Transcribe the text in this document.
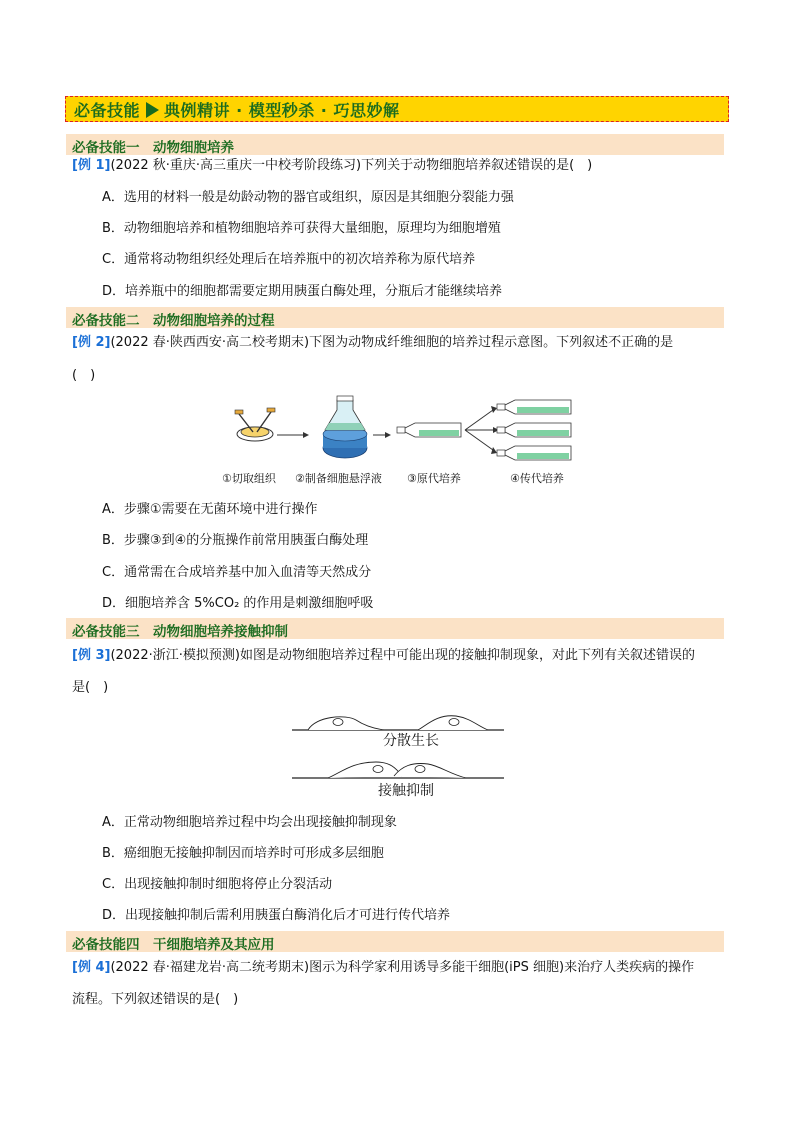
必备技能 典例精讲 · 模型秒杀 · 巧思妙解
必备技能一　动物细胞培养
[例 1](2022 秋·重庆·高三重庆一中校考阶段练习)下列关于动物细胞培养叙述错误的是(　)
A．选用的材料一般是幼龄动物的器官或组织，原因是其细胞分裂能力强
B．动物细胞培养和植物细胞培养可获得大量细胞，原理均为细胞增殖
C．通常将动物组织经处理后在培养瓶中的初次培养称为原代培养
D．培养瓶中的细胞都需要定期用胰蛋白酶处理，分瓶后才能继续培养
必备技能二　动物细胞培养的过程
[例 2](2022 春·陕西西安·高二校考期末)下图为动物成纤维细胞的培养过程示意图。下列叙述不正确的是
(　)
①切取组织 ②制备细胞悬浮液 ③原代培养	④传代培养
A．步骤①需要在无菌环境中进行操作
B．步骤③到④的分瓶操作前常用胰蛋白酶处理
C．通常需在合成培养基中加入血清等天然成分
D．细胞培养含 5%CO₂ 的作用是刺激细胞呼吸
必备技能三　动物细胞培养接触抑制
[例 3](2022·浙江·模拟预测)如图是动物细胞培养过程中可能出现的接触抑制现象，对此下列有关叙述错误的
是(　)
分散生长
接触抑制
A．正常动物细胞培养过程中均会出现接触抑制现象
B．癌细胞无接触抑制因而培养时可形成多层细胞
C．出现接触抑制时细胞将停止分裂活动
D．出现接触抑制后需利用胰蛋白酶消化后才可进行传代培养
必备技能四　干细胞培养及其应用
[例 4](2022 春·福建龙岩·高二统考期末)图示为科学家利用诱导多能干细胞(iPS 细胞)来治疗人类疾病的操作
流程。下列叙述错误的是(　)
